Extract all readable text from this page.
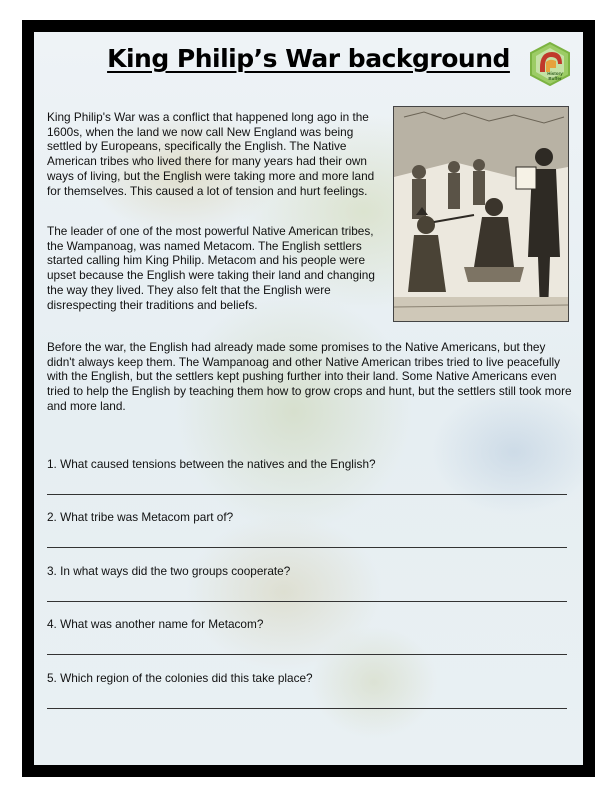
History
Buffer
King Philip’s War background

King Philip's War was a conflict that happened long ago in the 1600s, when the land we now call New England was being settled by Europeans, specifically the English. The Native American tribes who lived there for many years had their own ways of living, but the English were taking more and more land for themselves. This caused a lot of tension and hurt feelings.

The leader of one of the most powerful Native American tribes, the Wampanoag, was named Metacom. The English settlers started calling him King Philip. Metacom and his people were upset because the English were taking their land and changing the way they lived. They also felt that the English were disrespecting their traditions and beliefs.

Before the war, the English had already made some promises to the Native Americans, but they didn't always keep them. The Wampanoag and other Native American tribes tried to live peacefully with the English, but the settlers kept pushing further into their land. Some Native Americans even tried to help the English by teaching them how to grow crops and hunt, but the settlers still took more and more land.

1. What caused tensions between the natives and the English?

2. What tribe was Metacom part of?

3. In what ways did the two groups cooperate?

4. What was another name for Metacom?

5. Which region of the colonies did this take place?
